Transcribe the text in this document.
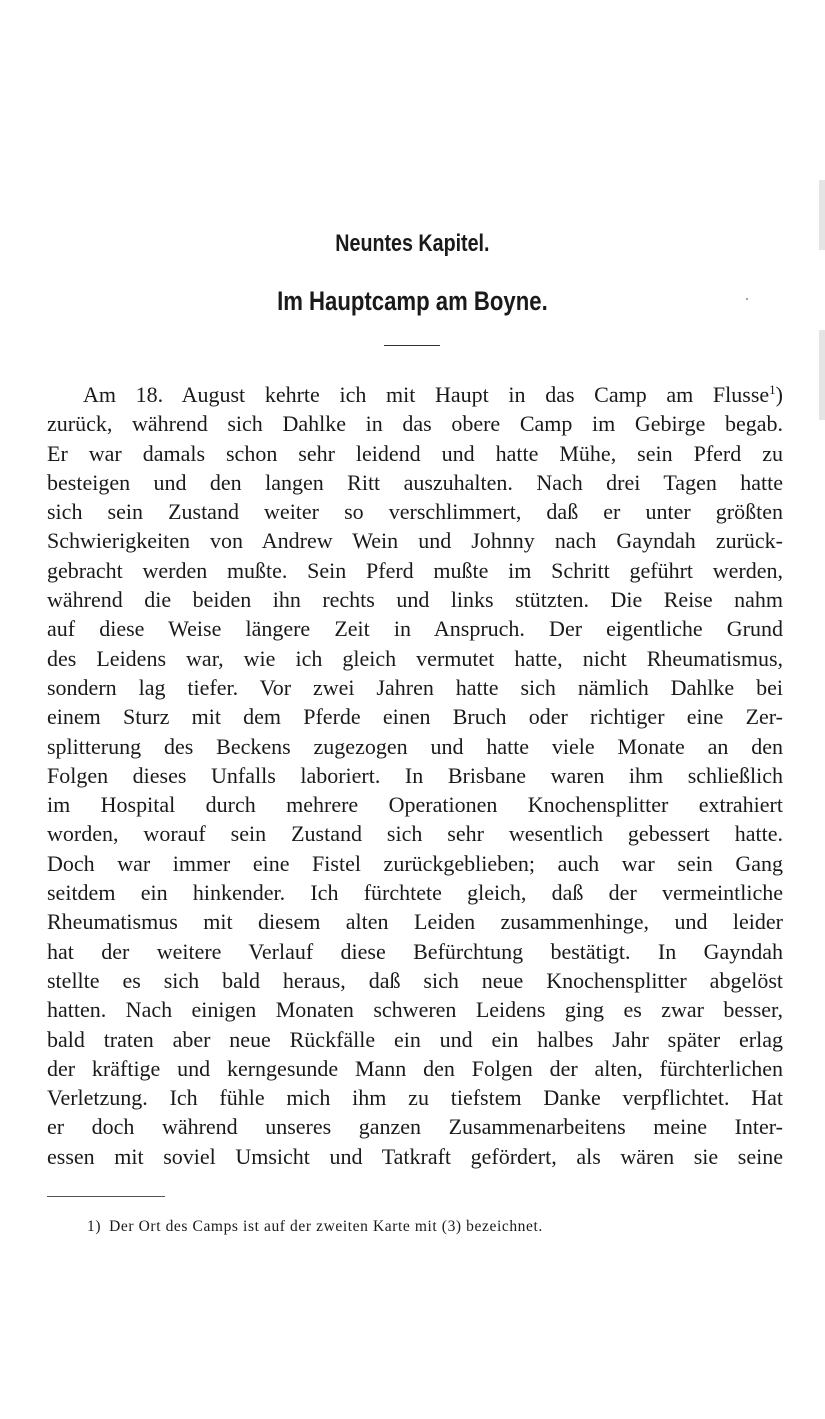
Neuntes Kapitel.
Im Hauptcamp am Boyne.
Am 18. August kehrte ich mit Haupt in das Camp am Flusse$^1$)
zurück, während sich Dahlke in das obere Camp im Gebirge begab.
Er war damals schon sehr leidend und hatte Mühe, sein Pferd zu
besteigen und den langen Ritt auszuhalten. Nach drei Tagen hatte
sich sein Zustand weiter so verschlimmert, daß er unter größten
Schwierigkeiten von Andrew Wein und Johnny nach Gayndah zurück-
gebracht werden mußte. Sein Pferd mußte im Schritt geführt werden,
während die beiden ihn rechts und links stützten. Die Reise nahm
auf diese Weise längere Zeit in Anspruch. Der eigentliche Grund
des Leidens war, wie ich gleich vermutet hatte, nicht Rheumatismus,
sondern lag tiefer. Vor zwei Jahren hatte sich nämlich Dahlke bei
einem Sturz mit dem Pferde einen Bruch oder richtiger eine Zer-
splitterung des Beckens zugezogen und hatte viele Monate an den
Folgen dieses Unfalls laboriert. In Brisbane waren ihm schließlich
im Hospital durch mehrere Operationen Knochensplitter extrahiert
worden, worauf sein Zustand sich sehr wesentlich gebessert hatte.
Doch war immer eine Fistel zurückgeblieben; auch war sein Gang
seitdem ein hinkender. Ich fürchtete gleich, daß der vermeintliche
Rheumatismus mit diesem alten Leiden zusammenhinge, und leider
hat der weitere Verlauf diese Befürchtung bestätigt. In Gayndah
stellte es sich bald heraus, daß sich neue Knochensplitter abgelöst
hatten. Nach einigen Monaten schweren Leidens ging es zwar besser,
bald traten aber neue Rückfälle ein und ein halbes Jahr später erlag
der kräftige und kerngesunde Mann den Folgen der alten, fürchterlichen
Verletzung. Ich fühle mich ihm zu tiefstem Danke verpflichtet. Hat
er doch während unseres ganzen Zusammenarbeitens meine Inter-
essen mit soviel Umsicht und Tatkraft gefördert, als wären sie seine
1) Der Ort des Camps ist auf der zweiten Karte mit (3) bezeichnet.
